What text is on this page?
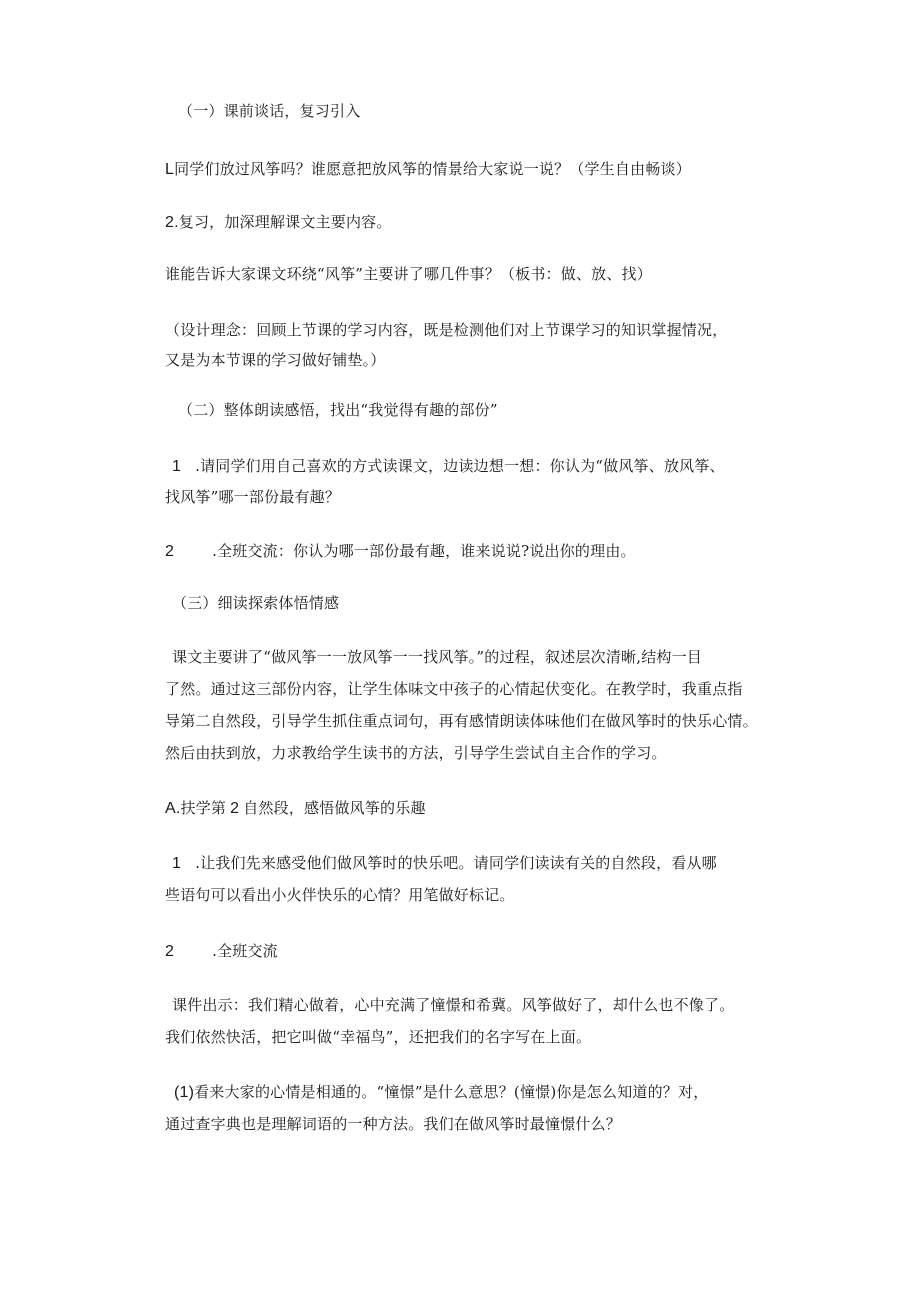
（一）课前谈话，复习引入
L同学们放过风筝吗？谁愿意把放风筝的情景给大家说一说？（学生自由畅谈）
2.复习，加深理解课文主要内容。
谁能告诉大家课文环绕“风筝”主要讲了哪几件事？（板书：做、放、找）
（设计理念：回顾上节课的学习内容，既是检测他们对上节课学习的知识掌握情况，
又是为本节课的学习做好铺垫。）
（二）整体朗读感悟，找出“我觉得有趣的部份”
1 .请同学们用自己喜欢的方式读课文，边读边想一想：你认为“做风筝、放风筝、
找风筝”哪一部份最有趣？
2	.全班交流：你认为哪一部份最有趣，谁来说说?说出你的理由。
（三）细读探索体悟情感
课文主要讲了“做风筝一一放风筝一一找风筝。”的过程，叙述层次清晰,结构一目
了然。通过这三部份内容，让学生体味文中孩子的心情起伏变化。在教学时，我重点指
导第二自然段，引导学生抓住重点词句，再有感情朗读体味他们在做风筝时的快乐心情。
然后由扶到放，力求教给学生读书的方法，引导学生尝试自主合作的学习。
A.扶学第 2 自然段，感悟做风筝的乐趣
1 .让我们先来感受他们做风筝时的快乐吧。请同学们读读有关的自然段，看从哪
些语句可以看出小火伴快乐的心情？用笔做好标记。
2	.全班交流
课件出示：我们精心做着，心中充满了憧憬和希冀。风筝做好了，却什么也不像了。
我们依然快活，把它叫做“幸福鸟”，还把我们的名字写在上面。
(1)看来大家的心情是相通的。“憧憬”是什么意思？(憧憬)你是怎么知道的？对，
通过查字典也是理解词语的一种方法。我们在做风筝时最憧憬什么？
